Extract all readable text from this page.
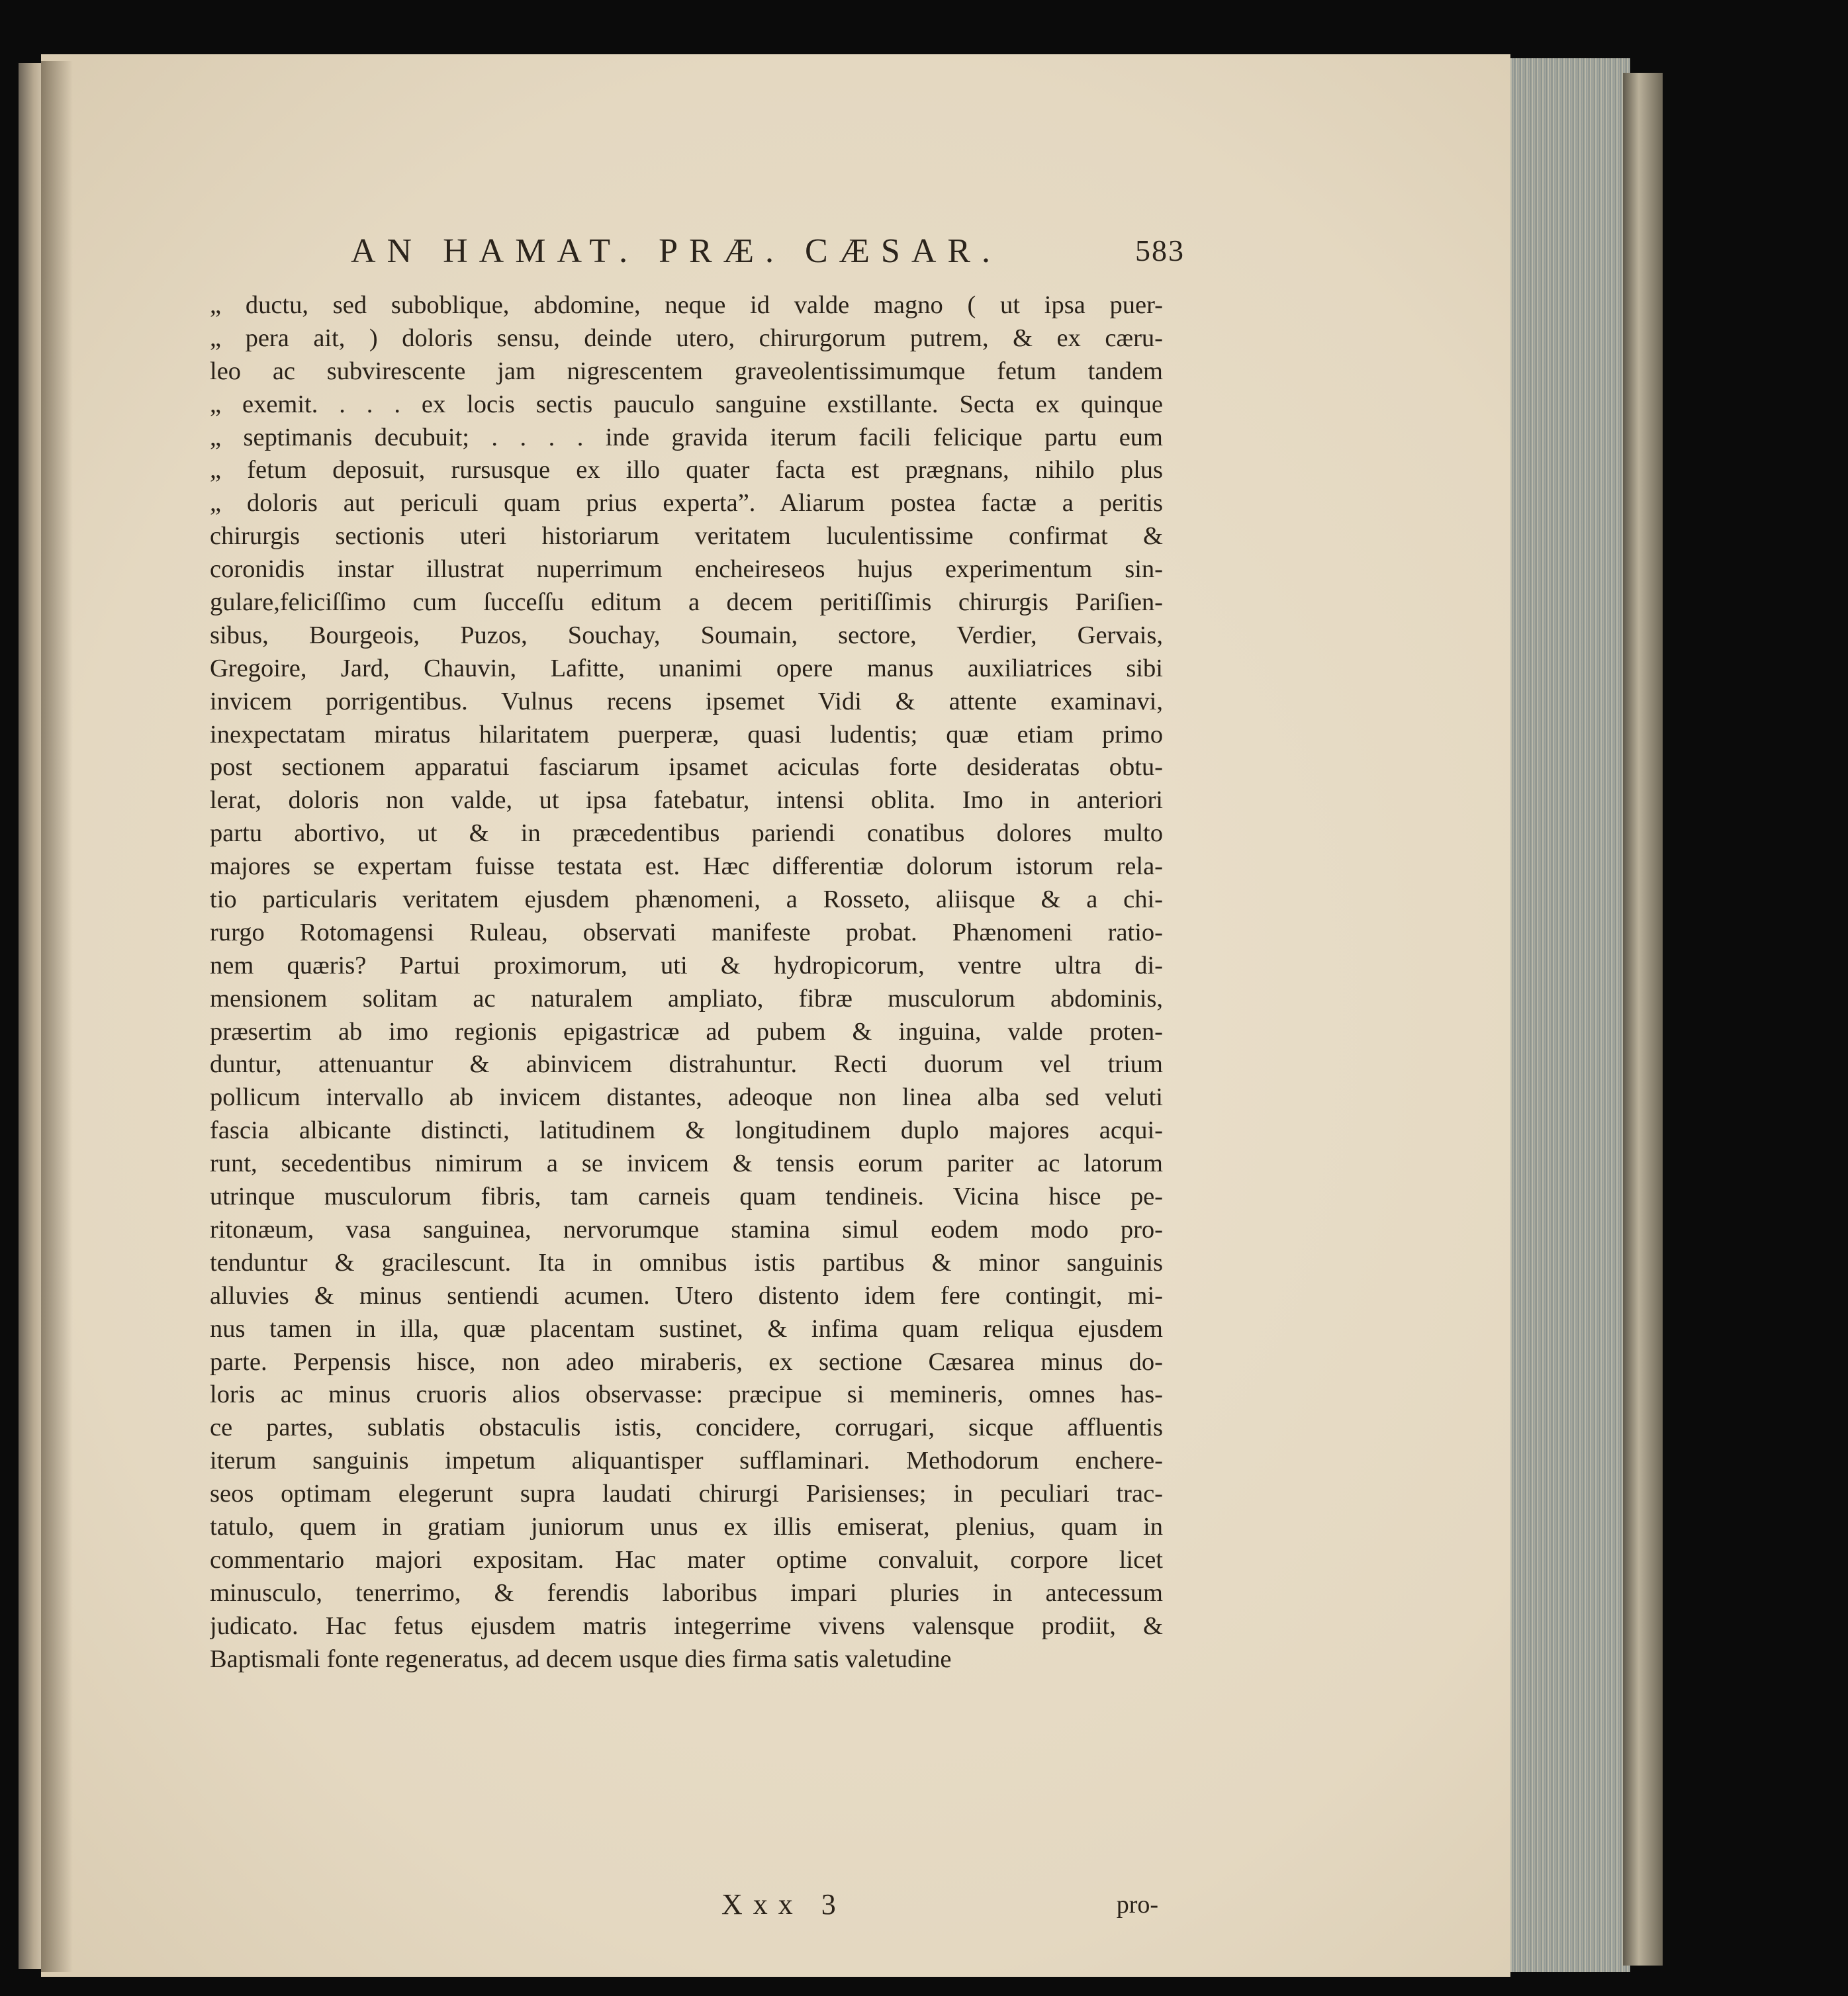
AN HAMAT. PRÆ. CÆSAR.	583
„ ductu, sed suboblique, abdomine, neque id valde magno ( ut ipsa puer-
„ pera ait, ) doloris sensu, deinde utero, chirurgorum putrem, & ex cæru-
leo ac subvirescente jam nigrescentem graveolentissimumque fetum tandem
„ exemit. . . . ex locis sectis pauculo sanguine exstillante. Secta ex quinque
„ septimanis decubuit; . . . . inde gravida iterum facili felicique partu eum
„ fetum deposuit, rursusque ex illo quater facta est prægnans, nihilo plus
„ doloris aut periculi quam prius experta”. Aliarum postea factæ a peritis
chirurgis sectionis uteri historiarum veritatem luculentissime confirmat &
coronidis instar illustrat nuperrimum encheireseos hujus experimentum sin-
gulare,feliciſſimo cum ſucceſſu editum a decem peritiſſimis chirurgis Pariſien-
sibus, Bourgeois, Puzos, Souchay, Soumain, sectore, Verdier, Gervais,
Gregoire, Jard, Chauvin, Lafitte, unanimi opere manus auxiliatrices sibi
invicem porrigentibus. Vulnus recens ipsemet Vidi & attente examinavi,
inexpectatam miratus hilaritatem puerperæ, quasi ludentis; quæ etiam primo
post sectionem apparatui fasciarum ipsamet aciculas forte desideratas obtu-
lerat, doloris non valde, ut ipsa fatebatur, intensi oblita. Imo in anteriori
partu abortivo, ut & in præcedentibus pariendi conatibus dolores multo
majores se expertam fuisse testata est. Hæc differentiæ dolorum istorum rela-
tio particularis veritatem ejusdem phænomeni, a Rosseto, aliisque & a chi-
rurgo Rotomagensi Ruleau, observati manifeste probat. Phænomeni ratio-
nem quæris? Partui proximorum, uti & hydropicorum, ventre ultra di-
mensionem solitam ac naturalem ampliato, fibræ musculorum abdominis,
præsertim ab imo regionis epigastricæ ad pubem & inguina, valde proten-
duntur, attenuantur & abinvicem distrahuntur. Recti duorum vel trium
pollicum intervallo ab invicem distantes, adeoque non linea alba sed veluti
fascia albicante distincti, latitudinem & longitudinem duplo majores acqui-
runt, secedentibus nimirum a se invicem & tensis eorum pariter ac latorum
utrinque musculorum fibris, tam carneis quam tendineis. Vicina hisce pe-
ritonæum, vasa sanguinea, nervorumque stamina simul eodem modo pro-
tenduntur & gracilescunt. Ita in omnibus istis partibus & minor sanguinis
alluvies & minus sentiendi acumen. Utero distento idem fere contingit, mi-
nus tamen in illa, quæ placentam sustinet, & infima quam reliqua ejusdem
parte. Perpensis hisce, non adeo miraberis, ex sectione Cæsarea minus do-
loris ac minus cruoris alios observasse: præcipue si memineris, omnes has-
ce partes, sublatis obstaculis istis, concidere, corrugari, sicque affluentis
iterum sanguinis impetum aliquantisper sufflaminari. Methodorum enchere-
seos optimam elegerunt supra laudati chirurgi Parisienses; in peculiari trac-
tatulo, quem in gratiam juniorum unus ex illis emiserat, plenius, quam in
commentario majori expositam. Hac mater optime convaluit, corpore licet
minusculo, tenerrimo, & ferendis laboribus impari pluries in antecessum
judicato. Hac fetus ejusdem matris integerrime vivens valensque prodiit, &
Baptismali fonte regeneratus, ad decem usque dies firma satis valetudine
Xxx 3	pro-
